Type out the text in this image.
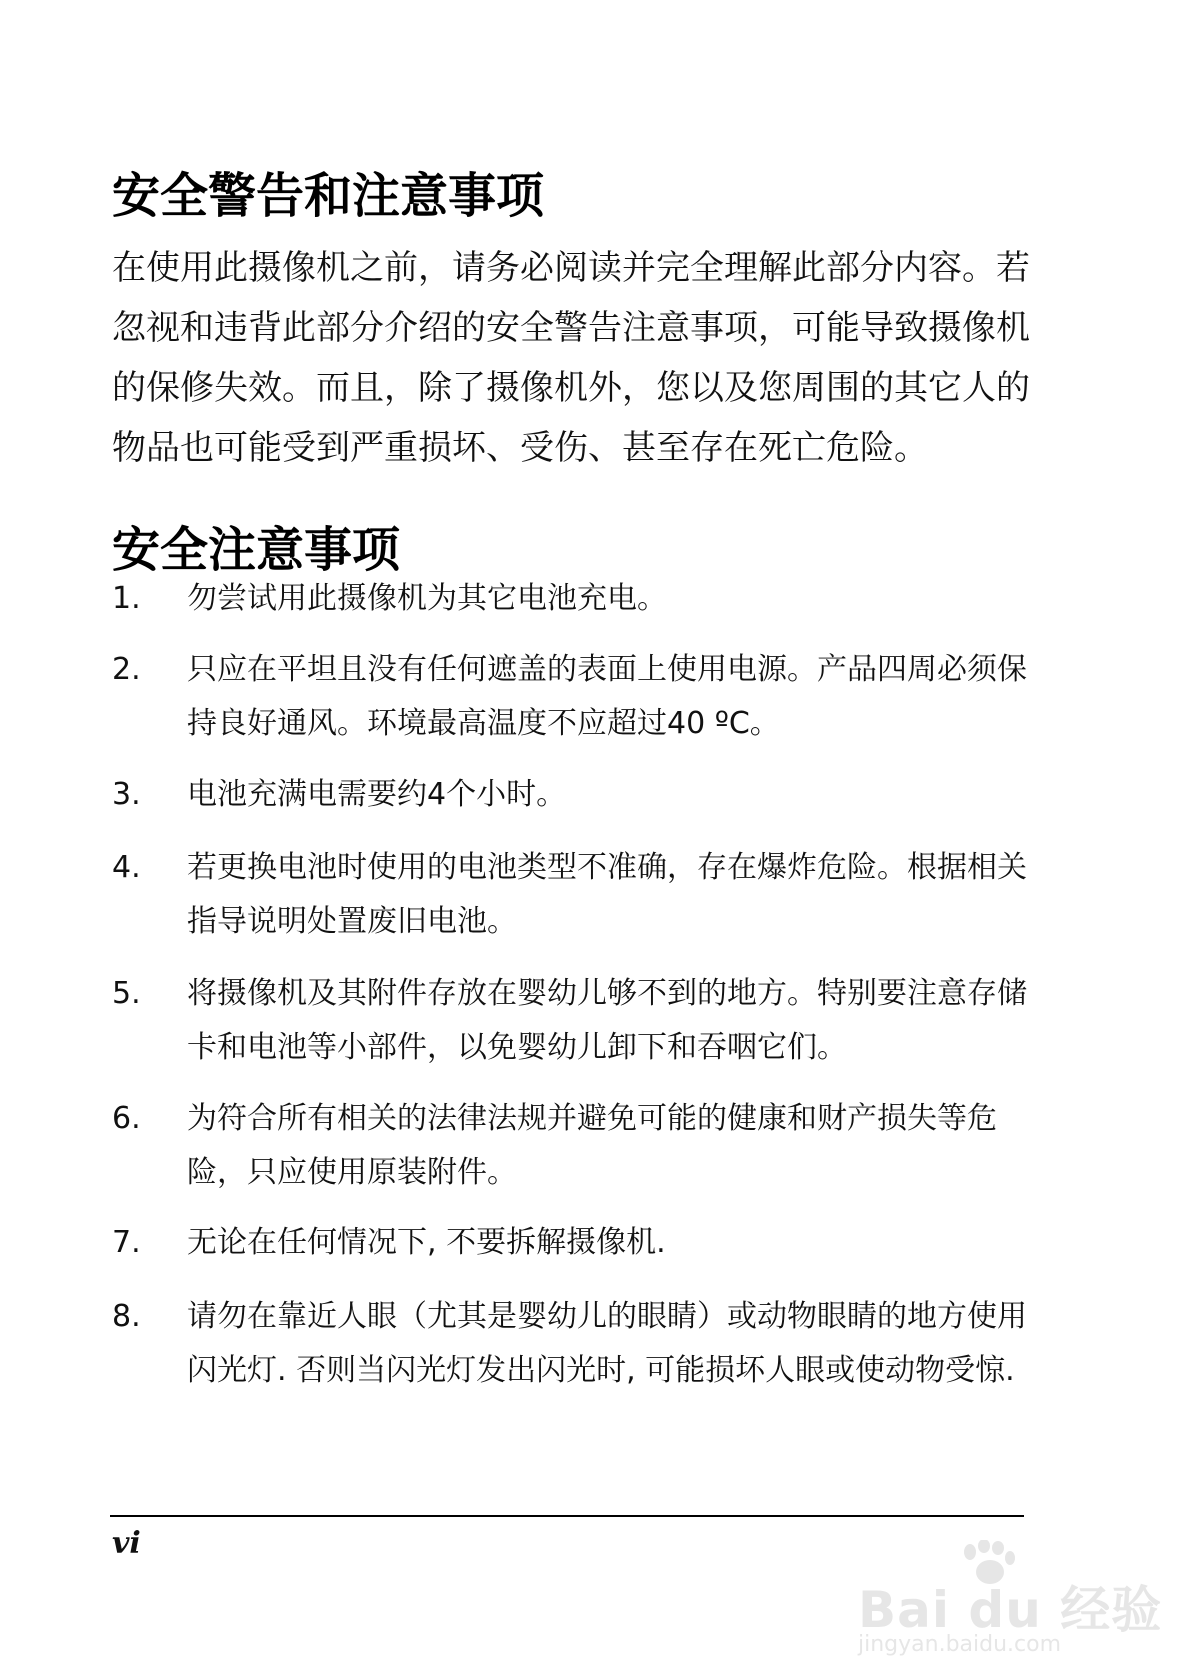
安全警告和注意事项
在使用此摄像机之前，请务必阅读并完全理解此部分内容。若
忽视和违背此部分介绍的安全警告注意事项，可能导致摄像机
的保修失效。而且，除了摄像机外，您以及您周围的其它人的
物品也可能受到严重损坏、受伤、甚至存在死亡危险。
安全注意事项
1.	勿尝试用此摄像机为其它电池充电。
2.	只应在平坦且没有任何遮盖的表面上使用电源。产品四周必须保
持良好通风。环境最高温度不应超过40 ºC。
3.	电池充满电需要约4个小时。
4.	若更换电池时使用的电池类型不准确，存在爆炸危险。根据相关
指导说明处置废旧电池。
5.	将摄像机及其附件存放在婴幼儿够不到的地方。特别要注意存储
卡和电池等小部件，以免婴幼儿卸下和吞咽它们。
6.	为符合所有相关的法律法规并避免可能的健康和财产损失等危
险，只应使用原装附件。
7.	无论在任何情况下, 不要拆解摄像机.
8.	请勿在靠近人眼（尤其是婴幼儿的眼睛）或动物眼睛的地方使用
闪光灯. 否则当闪光灯发出闪光时, 可能损坏人眼或使动物受惊.
vi
Bai du 经验
jingyan.baidu.com
